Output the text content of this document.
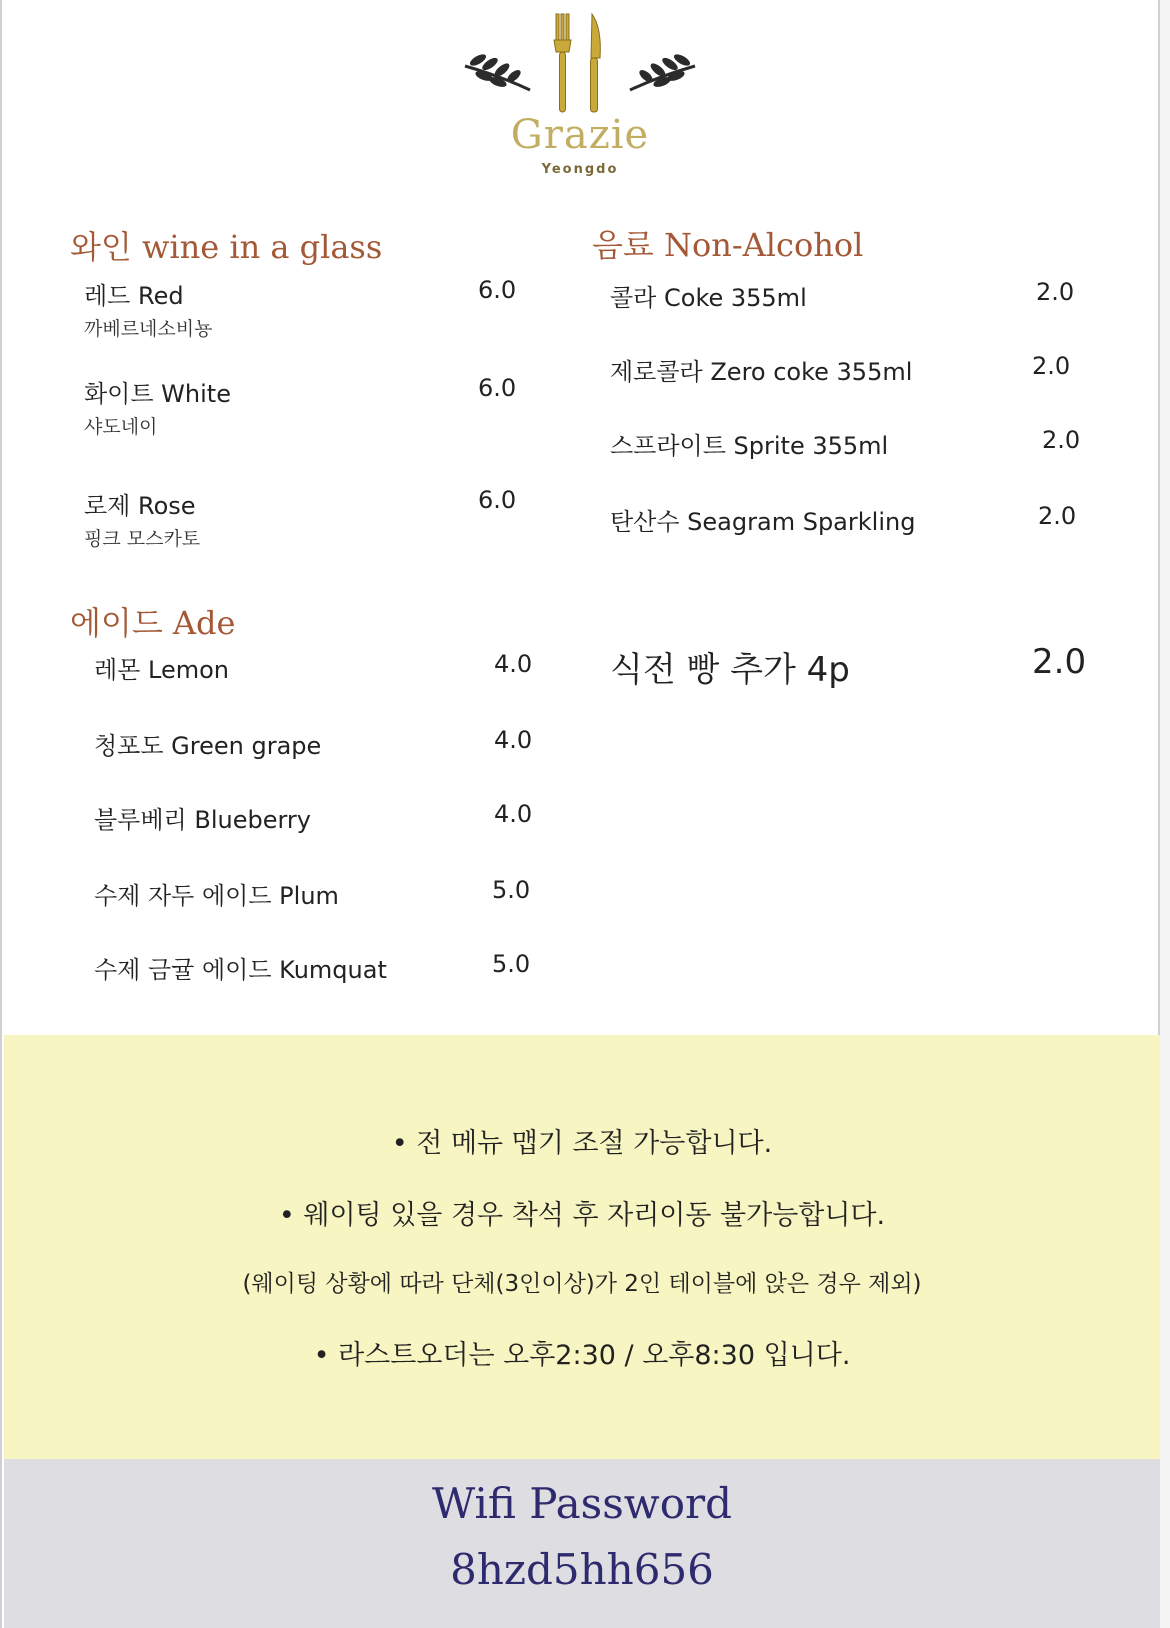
Grazie
Yeongdo
와인 wine in a glass
레드 Red	6.0
까베르네소비뇽
화이트 White	6.0
샤도네이
로제 Rose	6.0
핑크 모스카토
에이드 Ade
레몬 Lemon	4.0
청포도 Green grape	4.0
블루베리 Blueberry	4.0
수제 자두 에이드 Plum	5.0
수제 금귤 에이드 Kumquat	5.0
음료 Non-Alcohol
콜라 Coke 355ml	2.0
제로콜라 Zero coke 355ml	2.0
스프라이트 Sprite 355ml	2.0
탄산수 Seagram Sparkling	2.0
식전 빵 추가 4p	2.0
• 전 메뉴 맵기 조절 가능합니다.
• 웨이팅 있을 경우 착석 후 자리이동 불가능합니다.
(웨이팅 상황에 따라 단체(3인이상)가 2인 테이블에 앉은 경우 제외)
• 라스트오더는 오후2:30 / 오후8:30 입니다.
Wifi Password
8hzd5hh656
